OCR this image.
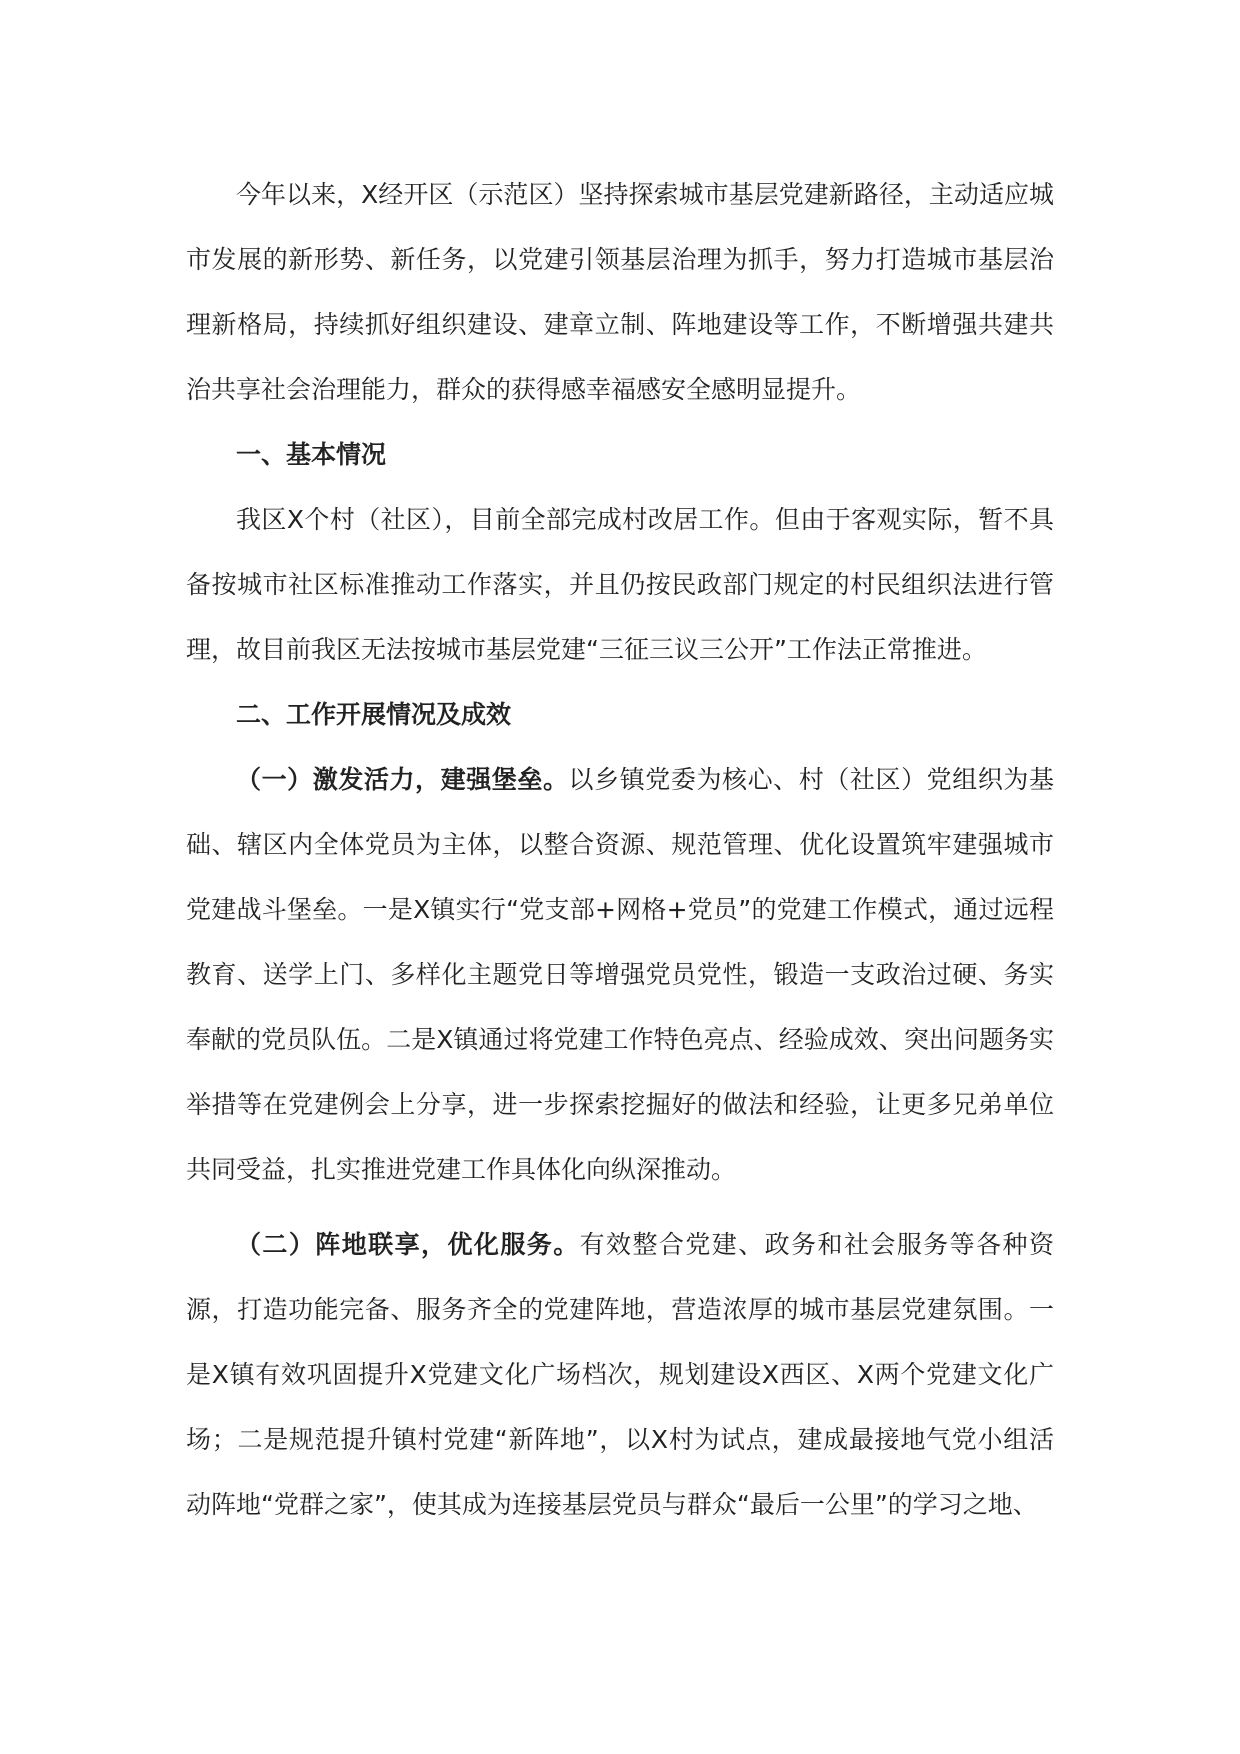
今年以来，X经开区（示范区）坚持探索城市基层党建新路径，主动适应城市发展的新形势、新任务，以党建引领基层治理为抓手，努力打造城市基层治理新格局，持续抓好组织建设、建章立制、阵地建设等工作，不断增强共建共治共享社会治理能力，群众的获得感幸福感安全感明显提升。

一、基本情况

我区X个村（社区），目前全部完成村改居工作。但由于客观实际，暂不具备按城市社区标准推动工作落实，并且仍按民政部门规定的村民组织法进行管理，故目前我区无法按城市基层党建“三征三议三公开”工作法正常推进。

二、工作开展情况及成效

（一）激发活力，建强堡垒。以乡镇党委为核心、村（社区）党组织为基础、辖区内全体党员为主体，以整合资源、规范管理、优化设置筑牢建强城市党建战斗堡垒。一是X镇实行“党支部+网格+党员”的党建工作模式，通过远程教育、送学上门、多样化主题党日等增强党员党性，锻造一支政治过硬、务实奉献的党员队伍。二是X镇通过将党建工作特色亮点、经验成效、突出问题务实举措等在党建例会上分享，进一步探索挖掘好的做法和经验，让更多兄弟单位共同受益，扎实推进党建工作具体化向纵深推动。

（二）阵地联享，优化服务。有效整合党建、政务和社会服务等各种资源，打造功能完备、服务齐全的党建阵地，营造浓厚的城市基层党建氛围。一是X镇有效巩固提升X党建文化广场档次，规划建设X西区、X两个党建文化广场；二是规范提升镇村党建“新阵地”，以X村为试点，建成最接地气党小组活动阵地“党群之家”，使其成为连接基层党员与群众“最后一公里”的学习之地、
